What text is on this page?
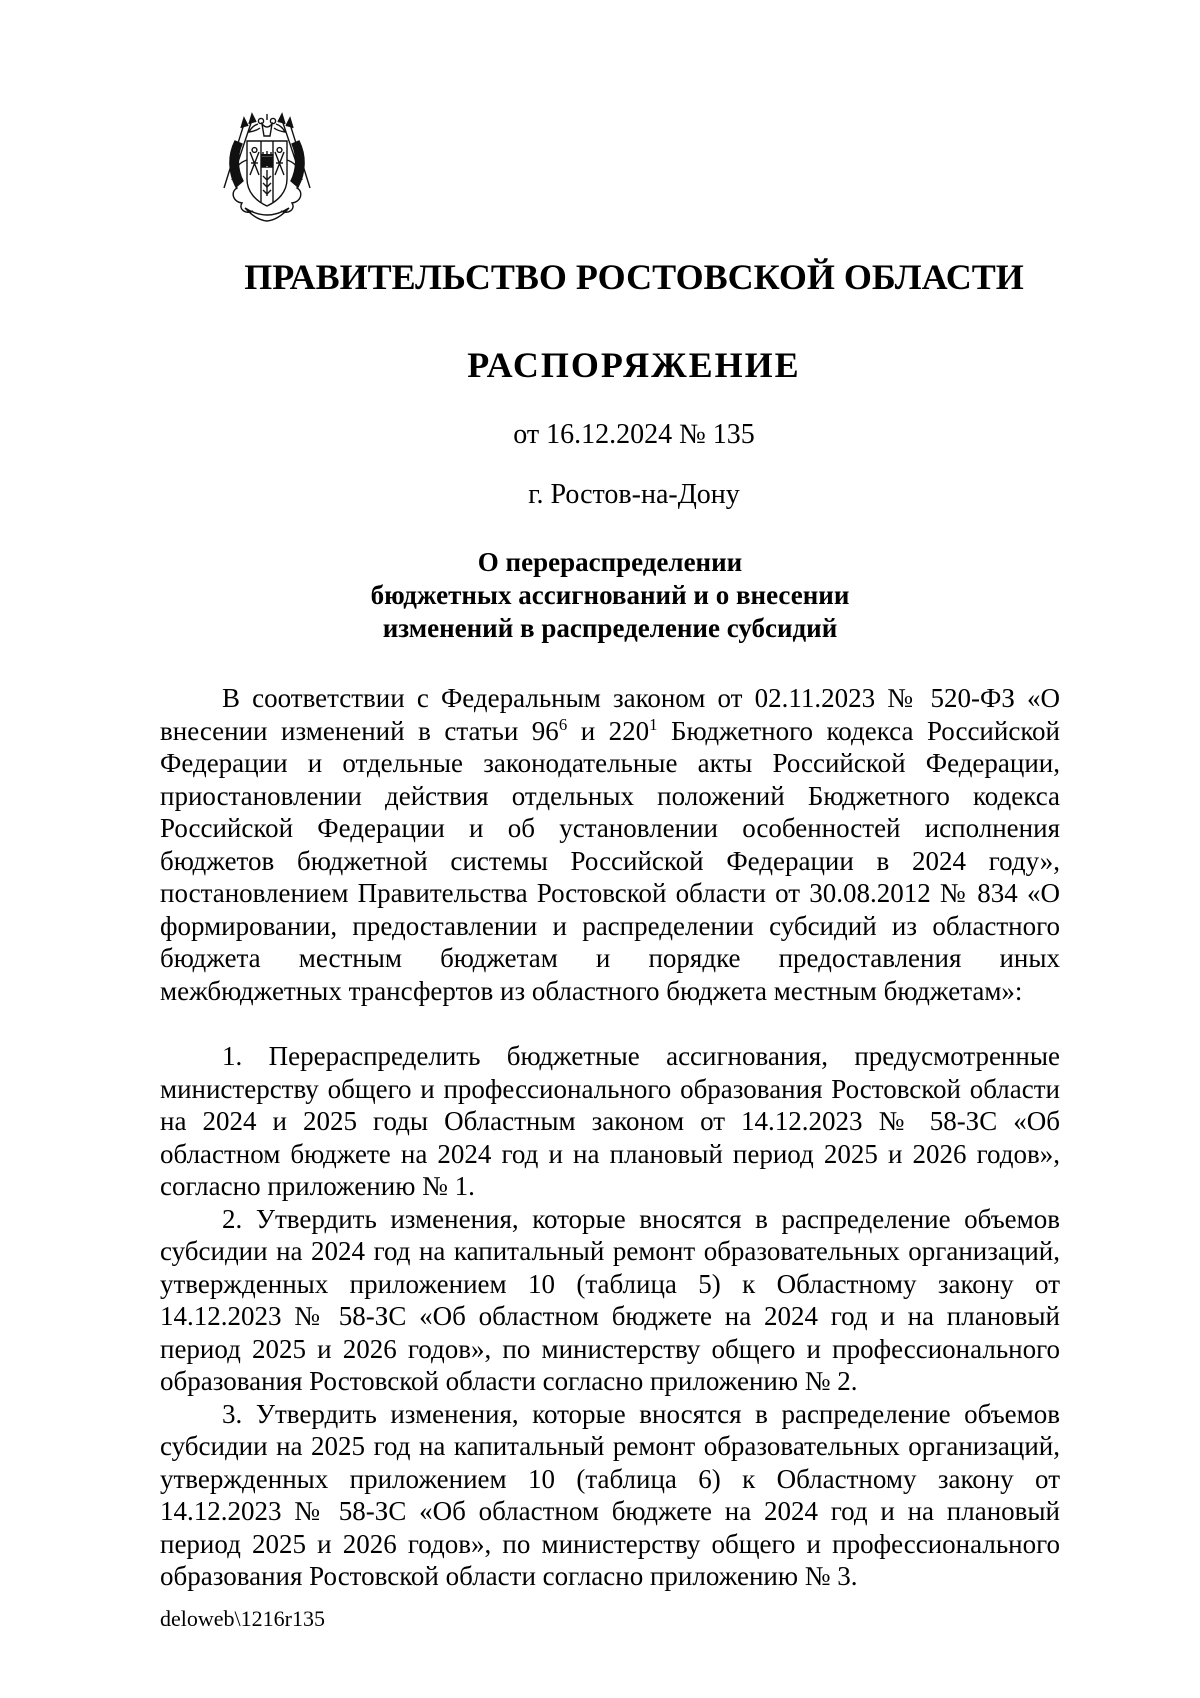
ПРАВИТЕЛЬСТВО РОСТОВСКОЙ ОБЛАСТИ
РАСПОРЯЖЕНИЕ
от 16.12.2024 № 135
г. Ростов-на-Дону
О перераспределении
бюджетных ассигнований и о внесении
изменений в распределение субсидий

В соответствии с Федеральным законом от 02.11.2023 № 520-ФЗ «О внесении изменений в статьи $96^6$ и $220^1$ Бюджетного кодекса Российской Федерации и отдельные законодательные акты Российской Федерации, приостановлении действия отдельных положений Бюджетного кодекса Российской Федерации и об установлении особенностей исполнения бюджетов бюджетной системы Российской Федерации в 2024 году», постановлением Правительства Ростовской области от 30.08.2012 № 834 «О формировании, предоставлении и распределении субсидий из областного бюджета местным бюджетам и порядке предоставления иных межбюджетных трансфертов из областного бюджета местным бюджетам»:

1. Перераспределить бюджетные ассигнования, предусмотренные министерству общего и профессионального образования Ростовской области на 2024 и 2025 годы Областным законом от 14.12.2023 № 58-ЗС «Об областном бюджете на 2024 год и на плановый период 2025 и 2026 годов», согласно приложению № 1.

2. Утвердить изменения, которые вносятся в распределение объемов субсидии на 2024 год на капитальный ремонт образовательных организаций, утвержденных приложением 10 (таблица 5) к Областному закону от 14.12.2023 № 58-ЗС «Об областном бюджете на 2024 год и на плановый период 2025 и 2026 годов», по министерству общего и профессионального образования Ростовской области согласно приложению № 2.

3. Утвердить изменения, которые вносятся в распределение объемов субсидии на 2025 год на капитальный ремонт образовательных организаций, утвержденных приложением 10 (таблица 6) к Областному закону от 14.12.2023 № 58-ЗС «Об областном бюджете на 2024 год и на плановый период 2025 и 2026 годов», по министерству общего и профессионального образования Ростовской области согласно приложению № 3.

deloweb\1216r135
